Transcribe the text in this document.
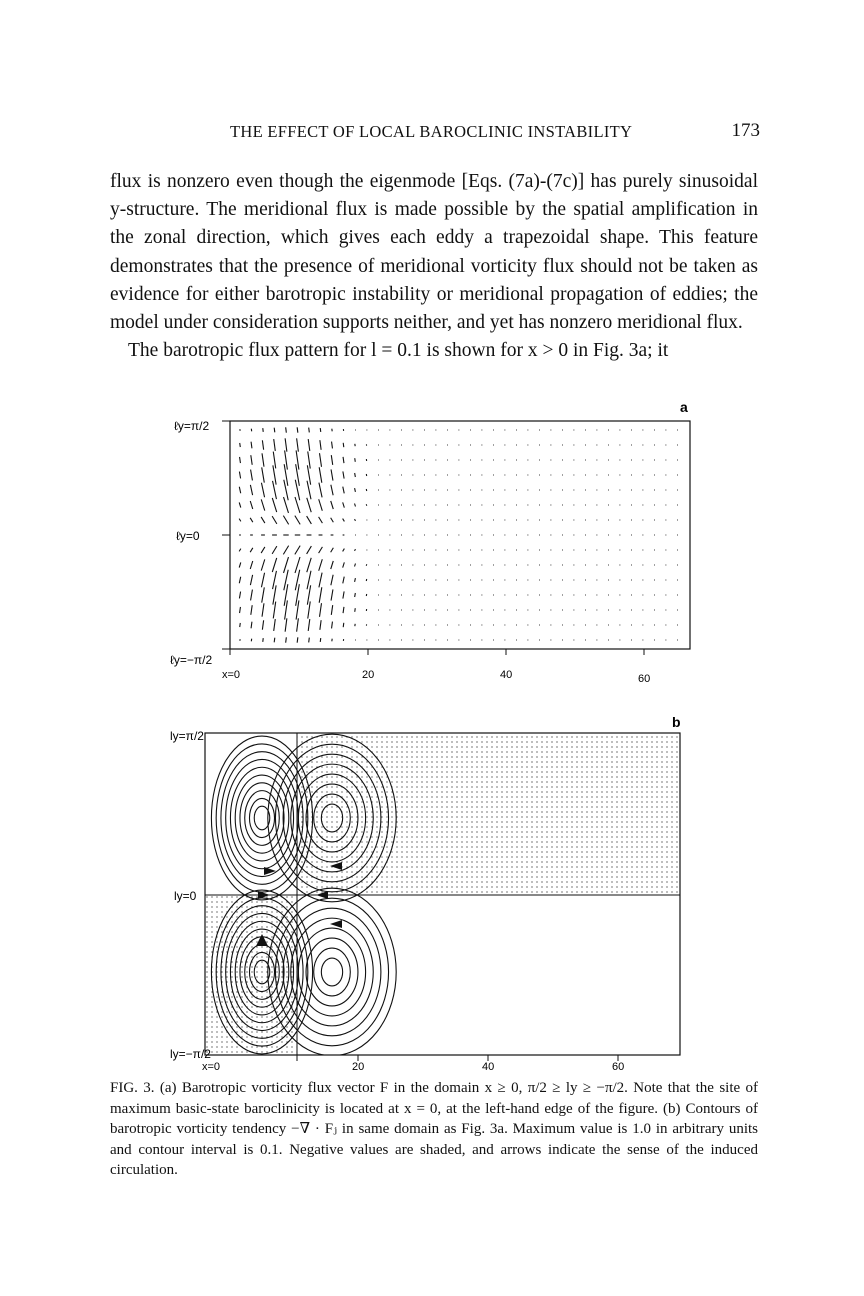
THE EFFECT OF LOCAL BAROCLINIC INSTABILITY	173

flux is nonzero even though the eigenmode [Eqs. (7a)-(7c)] has purely sinusoidal y-structure. The meridional flux is made possible by the spatial amplification in the zonal direction, which gives each eddy a trapezoidal shape. This feature demonstrates that the presence of meridional vorticity flux should not be taken as evidence for either barotropic instability or meridional propagation of eddies; the model under consideration supports neither, and yet has nonzero meridional flux.

The barotropic flux pattern for l = 0.1 is shown for x > 0 in Fig. 3a; it

a
ℓy=π/2
ℓy=0
ℓy=−π/2
x=0	20	40	60
b
ly=π/2
ly=0
ly=−π/2
x=0	20	40	60
FIG. 3. (a) Barotropic vorticity flux vector F in the domain x ≥ 0, π/2 ≥ ly ≥ −π/2. Note that the site of maximum basic-state baroclinicity is located at x = 0, at the left-hand edge of the figure. (b) Contours of barotropic vorticity tendency −∇ · Fⱼ in same domain as Fig. 3a. Maximum value is 1.0 in arbitrary units and contour interval is 0.1. Negative values are shaded, and arrows indicate the sense of the induced circulation.
